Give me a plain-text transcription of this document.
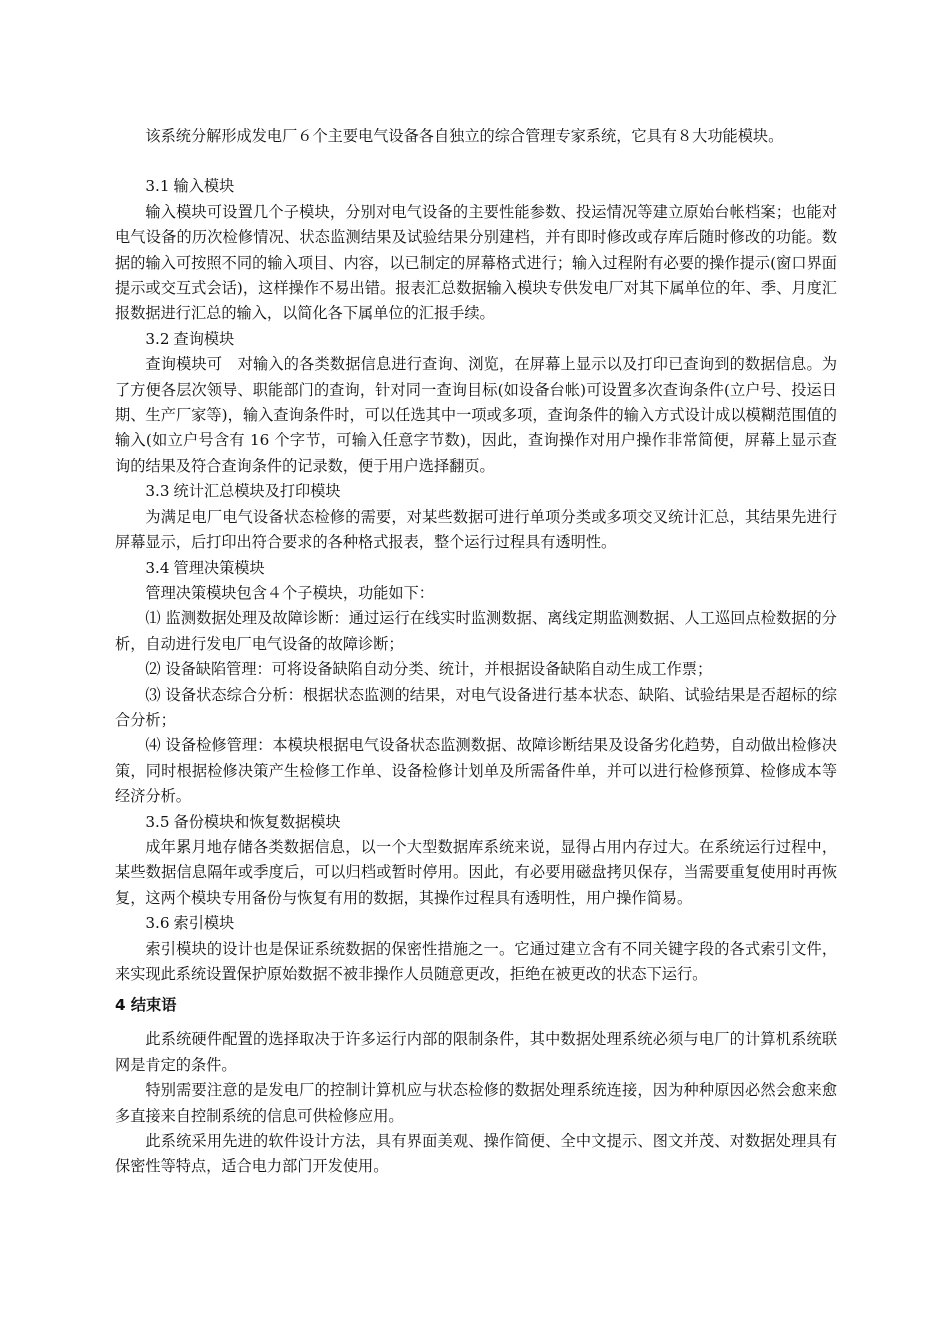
该系统分解形成发电厂６个主要电气设备各自独立的综合管理专家系统，它具有８大功能模块。

3.1 输入模块

输入模块可设置几个子模块，分别对电气设备的主要性能参数、投运情况等建立原始台帐档案；也能对电气设备的历次检修情况、状态监测结果及试验结果分别建档，并有即时修改或存库后随时修改的功能。数据的输入可按照不同的输入项目、内容，以已制定的屏幕格式进行；输入过程附有必要的操作提示(窗口界面提示或交互式会话)，这样操作不易出错。报表汇总数据输入模块专供发电厂对其下属单位的年、季、月度汇报数据进行汇总的输入，以简化各下属单位的汇报手续。

3.2 查询模块

查询模块可　对输入的各类数据信息进行查询、浏览，在屏幕上显示以及打印已查询到的数据信息。为了方便各层次领导、职能部门的查询，针对同一查询目标(如设备台帐)可设置多次查询条件(立户号、投运日期、生产厂家等)，输入查询条件时，可以任选其中一项或多项，查询条件的输入方式设计成以模糊范围值的输入(如立户号含有 16 个字节，可输入任意字节数)，因此，查询操作对用户操作非常简便，屏幕上显示查询的结果及符合查询条件的记录数，便于用户选择翻页。

3.3 统计汇总模块及打印模块

为满足电厂电气设备状态检修的需要，对某些数据可进行单项分类或多项交叉统计汇总，其结果先进行屏幕显示，后打印出符合要求的各种格式报表，整个运行过程具有透明性。

3.4 管理决策模块

管理决策模块包含４个子模块，功能如下：

⑴ 监测数据处理及故障诊断：通过运行在线实时监测数据、离线定期监测数据、人工巡回点检数据的分析，自动进行发电厂电气设备的故障诊断；

⑵ 设备缺陷管理：可将设备缺陷自动分类、统计，并根据设备缺陷自动生成工作票；

⑶ 设备状态综合分析：根据状态监测的结果，对电气设备进行基本状态、缺陷、试验结果是否超标的综合分析；

⑷ 设备检修管理：本模块根据电气设备状态监测数据、故障诊断结果及设备劣化趋势，自动做出检修决策，同时根据检修决策产生检修工作单、设备检修计划单及所需备件单，并可以进行检修预算、检修成本等经济分析。

3.5 备份模块和恢复数据模块

成年累月地存储各类数据信息，以一个大型数据库系统来说，显得占用内存过大。在系统运行过程中，某些数据信息隔年或季度后，可以归档或暂时停用。因此，有必要用磁盘拷贝保存，当需要重复使用时再恢复，这两个模块专用备份与恢复有用的数据，其操作过程具有透明性，用户操作简易。

3.6 索引模块

索引模块的设计也是保证系统数据的保密性措施之一。它通过建立含有不同关键字段的各式索引文件，来实现此系统设置保护原始数据不被非操作人员随意更改，拒绝在被更改的状态下运行。

4 结束语

此系统硬件配置的选择取决于许多运行内部的限制条件，其中数据处理系统必须与电厂的计算机系统联网是肯定的条件。

特别需要注意的是发电厂的控制计算机应与状态检修的数据处理系统连接，因为种种原因必然会愈来愈多直接来自控制系统的信息可供检修应用。

此系统采用先进的软件设计方法，具有界面美观、操作简便、全中文提示、图文并茂、对数据处理具有保密性等特点，适合电力部门开发使用。
